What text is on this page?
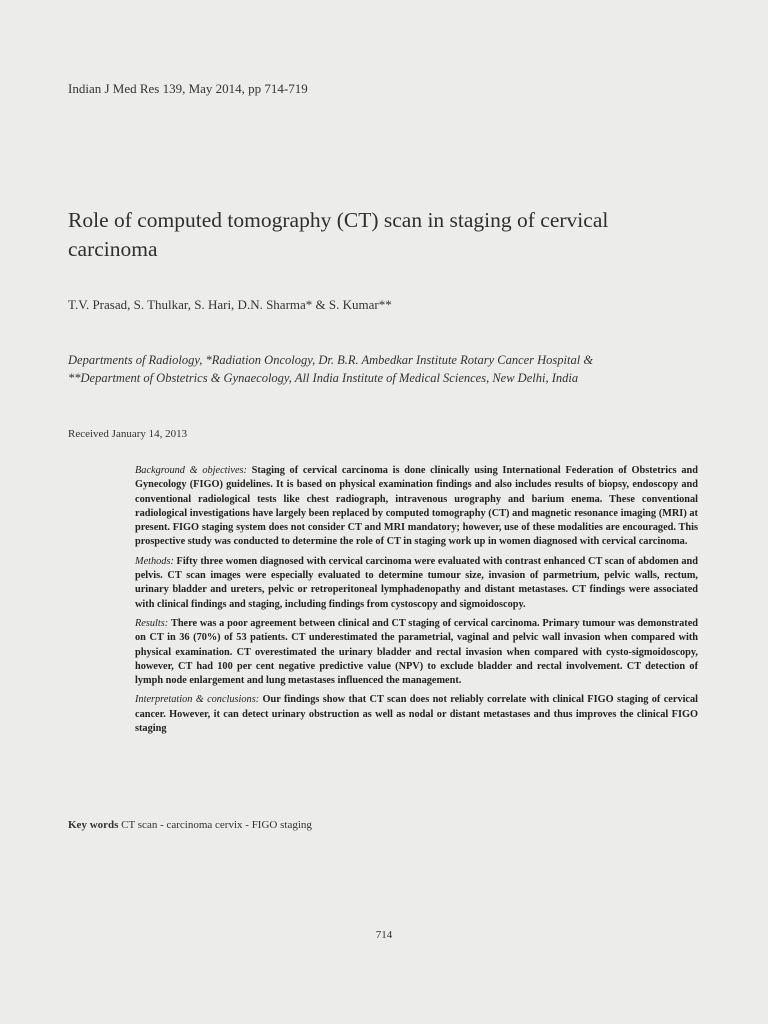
Indian J Med Res 139, May 2014, pp 714-719
Role of computed tomography (CT) scan in staging of cervical carcinoma
T.V. Prasad, S. Thulkar, S. Hari, D.N. Sharma* & S. Kumar**
Departments of Radiology, *Radiation Oncology, Dr. B.R. Ambedkar Institute Rotary Cancer Hospital &
**Department of Obstetrics & Gynaecology, All India Institute of Medical Sciences, New Delhi, India
Received January 14, 2013

Background & objectives: Staging of cervical carcinoma is done clinically using International Federation of Obstetrics and Gynecology (FIGO) guidelines. It is based on physical examination findings and also includes results of biopsy, endoscopy and conventional radiological tests like chest radiograph, intravenous urography and barium enema. These conventional radiological investigations have largely been replaced by computed tomography (CT) and magnetic resonance imaging (MRI) at present. FIGO staging system does not consider CT and MRI mandatory; however, use of these modalities are encouraged. This prospective study was conducted to determine the role of CT in staging work up in women diagnosed with cervical carcinoma.

Methods: Fifty three women diagnosed with cervical carcinoma were evaluated with contrast enhanced CT scan of abdomen and pelvis. CT scan images were especially evaluated to determine tumour size, invasion of parmetrium, pelvic walls, rectum, urinary bladder and ureters, pelvic or retroperitoneal lymphadenopathy and distant metastases. CT findings were associated with clinical findings and staging, including findings from cystoscopy and sigmoidoscopy.

Results: There was a poor agreement between clinical and CT staging of cervical carcinoma. Primary tumour was demonstrated on CT in 36 (70%) of 53 patients. CT underestimated the parametrial, vaginal and pelvic wall invasion when compared with physical examination. CT overestimated the urinary bladder and rectal invasion when compared with cysto-sigmoidoscopy, however, CT had 100 per cent negative predictive value (NPV) to exclude bladder and rectal involvement. CT detection of lymph node enlargement and lung metastases influenced the management.

Interpretation & conclusions: Our findings show that CT scan does not reliably correlate with clinical FIGO staging of cervical cancer. However, it can detect urinary obstruction as well as nodal or distant metastases and thus improves the clinical FIGO staging

Key words CT scan - carcinoma cervix - FIGO staging
714
